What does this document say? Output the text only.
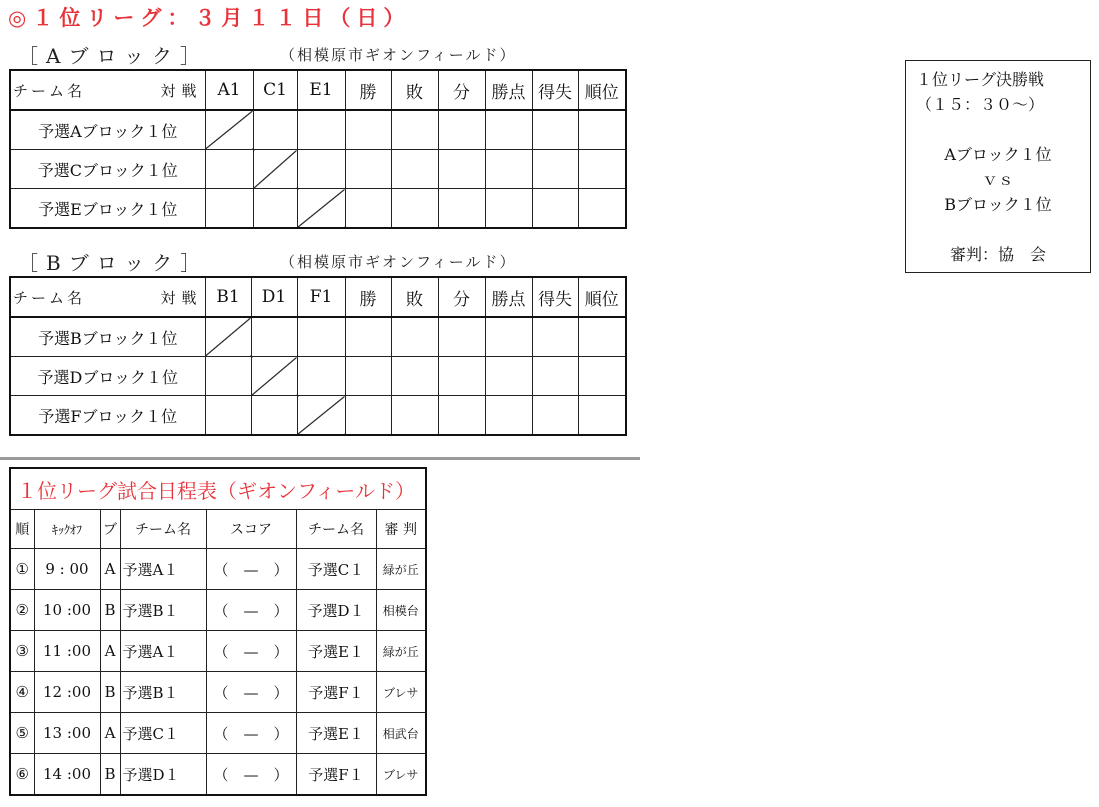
◎１位リーグ：３月１１日（日）
［Aブロック］	（相模原市ギオンフィールド）
チーム名 対戦	A1	C1	E1	勝	敗	分	勝点	得失	順位
予選Aブロック１位									
予選Cブロック１位									
予選Eブロック１位									
［Bブロック］	（相模原市ギオンフィールド）
チーム名 対戦	B1	D1	F1	勝	敗	分	勝点	得失	順位
予選Bブロック１位									
予選Dブロック１位									
予選Fブロック１位									
１位リーグ試合日程表（ギオンフィールド）						
順	ｷｯｸｵﾌ	ブ	チーム名	スコア	チーム名	審 判
①	9 : 00	A	予選A１	（　—　）	予選C１	緑が丘
②	10 :00	B	予選B１	（　—　）	予選D１	相模台
③	11 :00	A	予選A１	（　—　）	予選E１	緑が丘
④	12 :00	B	予選B１	（　—　）	予選F１	ブレサ
⑤	13 :00	A	予選C１	（　—　）	予選E１	相武台
⑥	14 :00	B	予選D１	（　—　）	予選F１	ブレサ
１位リーグ決勝戦
（１５：３０〜）
Aブロック１位
ｖｓ
Bブロック１位
審判：協　会
